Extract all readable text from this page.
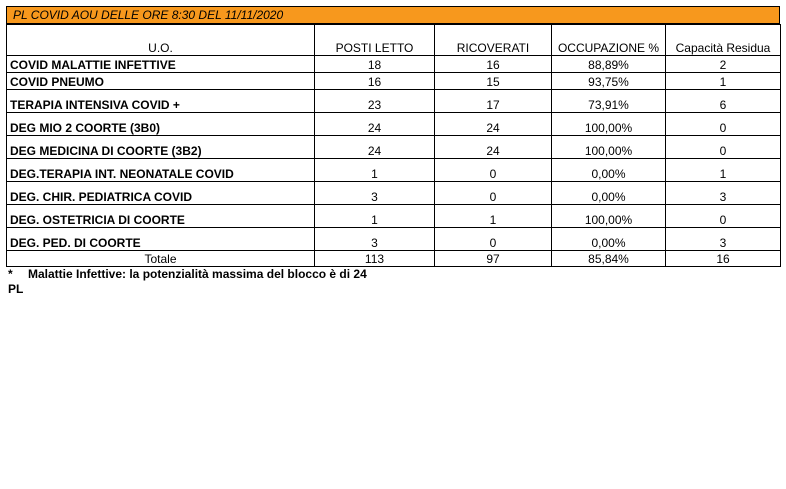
PL COVID AOU DELLE ORE 8:30 DEL 11/11/2020
U.O.	POSTI LETTO	RICOVERATI	OCCUPAZIONE %	Capacità Residua
COVID MALATTIE INFETTIVE	18	16	88,89%	2
COVID PNEUMO	16	15	93,75%	1
TERAPIA INTENSIVA COVID +	23	17	73,91%	6
DEG MIO 2 COORTE (3B0)	24	24	100,00%	0
DEG MEDICINA DI COORTE (3B2)	24	24	100,00%	0
DEG.TERAPIA INT. NEONATALE COVID	1	0	0,00%	1
DEG. CHIR. PEDIATRICA COVID	3	0	0,00%	3
DEG. OSTETRICIA DI COORTE	1	1	100,00%	0
DEG. PED. DI COORTE	3	0	0,00%	3
Totale	113	97	85,84%	16
* Malattie Infettive: la potenzialità massima del blocco è di 24
PL
